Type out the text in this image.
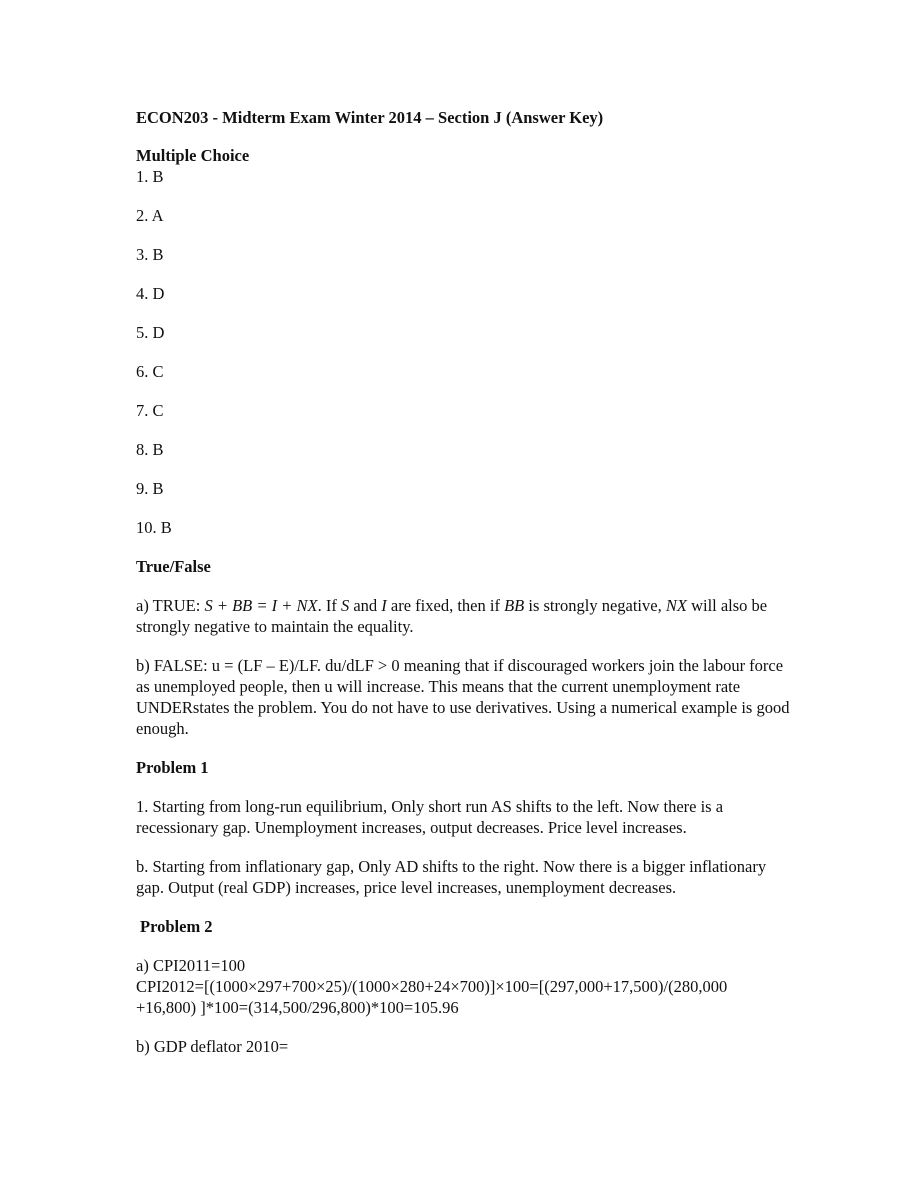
ECON203 - Midterm Exam Winter 2014 – Section J (Answer Key)

Multiple Choice

1. B
2. A
3. B
4. D
5. D
6. C
7. C
8. B
9. B
10. B

True/False

a) TRUE: S + BB = I + NX. If S and I are fixed, then if BB is strongly negative, NX will also be strongly negative to maintain the equality.

b) FALSE: u = (LF – E)/LF. du/dLF > 0 meaning that if discouraged workers join the labour force as unemployed people, then u will increase. This means that the current unemployment rate UNDERstates the problem. You do not have to use derivatives. Using a numerical example is good enough.

Problem 1

1. Starting from long-run equilibrium, Only short run AS shifts to the left. Now there is a recessionary gap. Unemployment increases, output decreases. Price level increases.

b. Starting from inflationary gap, Only AD shifts to the right. Now there is a bigger inflationary gap. Output (real GDP) increases, price level increases, unemployment decreases.

Problem 2

a) CPI2011=100
CPI2012=[(1000×297+700×25)/(1000×280+24×700)]×100=[(297,000+17,500)/(280,000
+16,800) ]*100=(314,500/296,800)*100=105.96

b) GDP deflator 2010=
